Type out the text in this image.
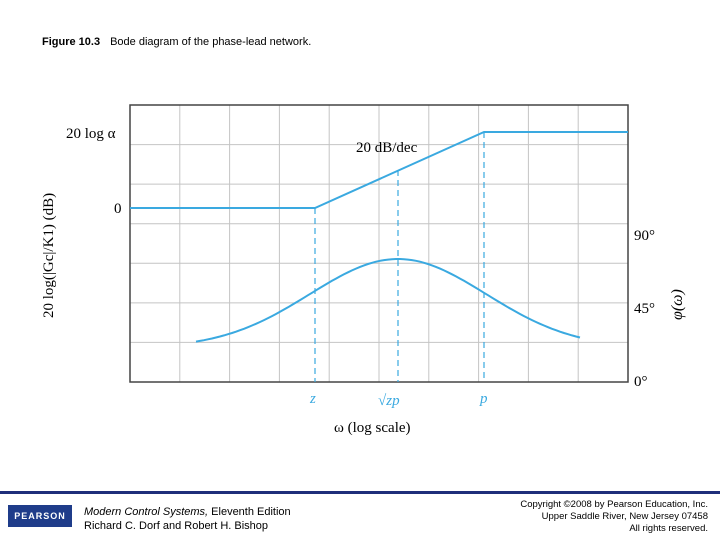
Figure 10.3 Bode diagram of the phase-lead network.
20 log α
0
20 log(|Gc|/K1) (dB)
20 dB/dec
90°
45°
0°
φ(ω)
z	√zp	p
ω (log scale)
PEARSON	Modern Control Systems, Eleventh Edition
Richard C. Dorf and Robert H. Bishop
Copyright ©2008 by Pearson Education, Inc.
Upper Saddle River, New Jersey 07458
All rights reserved.
